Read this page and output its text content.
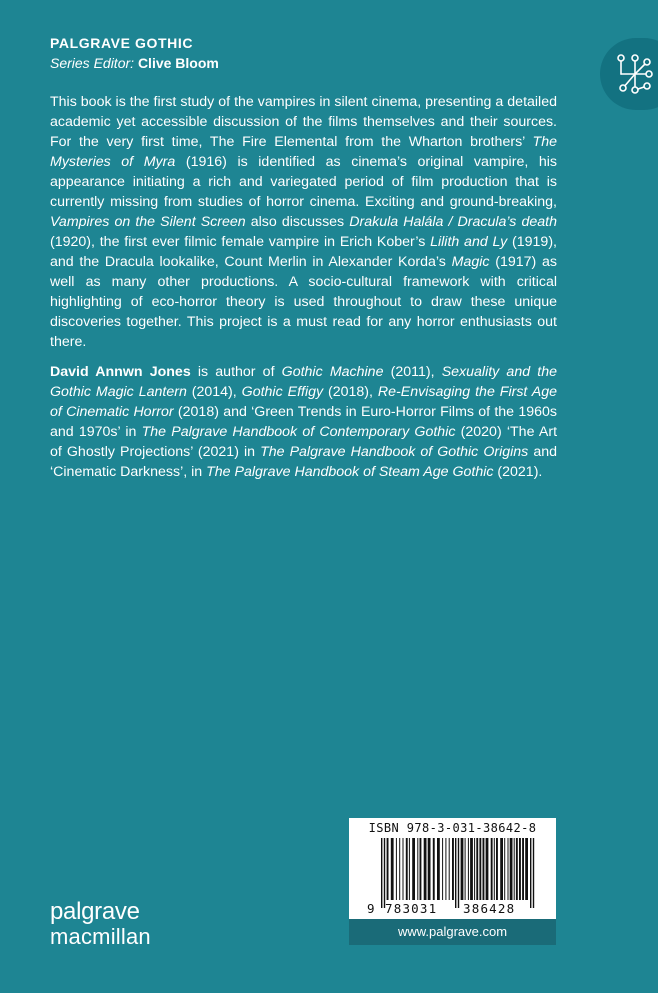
PALGRAVE GOTHIC
Series Editor: Clive Bloom

This book is the first study of the vampires in silent cinema, presenting a detailed academic yet accessible discussion of the films themselves and their sources. For the very first time, The Fire Elemental from the Wharton brothers’ The Mysteries of Myra (1916) is identified as cinema’s original vampire, his appearance initiating a rich and variegated period of film production that is currently missing from studies of horror cinema. Exciting and ground-breaking, Vampires on the Silent Screen also discusses Drakula Halála / Dracula’s death (1920), the first ever filmic female vampire in Erich Kober’s Lilith and Ly (1919), and the Dracula lookalike, Count Merlin in Alexander Korda’s Magic (1917) as well as many other productions. A socio-cultural framework with critical highlighting of eco-horror theory is used throughout to draw these unique discoveries together. This project is a must read for any horror enthusiasts out there.

David Annwn Jones is author of Gothic Machine (2011), Sexuality and the Gothic Magic Lantern (2014), Gothic Effigy (2018), Re-Envisaging the First Age of Cinematic Horror (2018) and ‘Green Trends in Euro-Horror Films of the 1960s and 1970s’ in The Palgrave Handbook of Contemporary Gothic (2020) ‘The Art of Ghostly Projections’ (2021) in The Palgrave Handbook of Gothic Origins and ‘Cinematic Darkness’, in The Palgrave Handbook of Steam Age Gothic (2021).

palgrave
macmillan
ISBN 978-3-031-38642-8
9 783031 386428
www.palgrave.com
